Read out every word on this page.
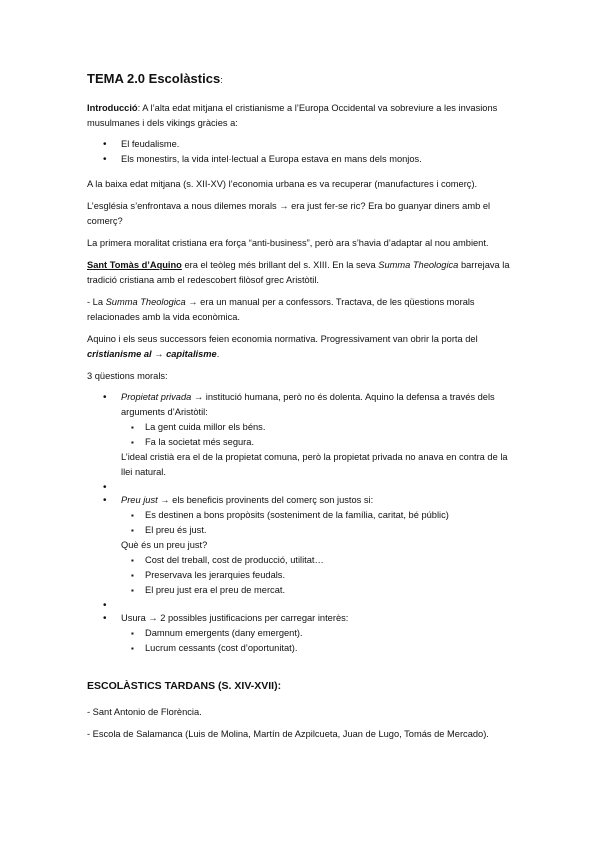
TEMA 2.0 Escolàstics:

Introducció: A l’alta edat mitjana el cristianisme a l’Europa Occidental va sobreviure a les invasions musulmanes i dels vikings gràcies a:

• El feudalisme.
• Els monestirs, la vida intel·lectual a Europa estava en mans dels monjos.

A la baixa edat mitjana (s. XII-XV) l’economia urbana es va recuperar (manufactures i comerç).

L’església s’enfrontava a nous dilemes morals → era just fer-se ric? Era bo guanyar diners amb el comerç?

La primera moralitat cristiana era força “anti-business”, però ara s’havia d’adaptar al nou ambient.

Sant Tomàs d’Aquino era el teòleg més brillant del s. XIII. En la seva Summa Theologica barrejava la tradició cristiana amb el redescobert filòsof grec Aristòtil.

- La Summa Theologica → era un manual per a confessors. Tractava, de les qüestions morals relacionades amb la vida econòmica.

Aquino i els seus successors feien economia normativa. Progressivament van obrir la porta del cristianisme al → capitalisme.

3 qüestions morals:

• Propietat privada → institució humana, però no és dolenta. Aquino la defensa a través dels arguments d’Aristòtil:
▪ La gent cuida millor els béns.
▪ Fa la societat més segura.
L’ideal cristià era el de la propietat comuna, però la propietat privada no anava en contra de la llei natural.
•
• Preu just → els beneficis provinents del comerç son justos si:
▪ Es destinen a bons propòsits (sosteniment de la família, caritat, bé públic)
▪ El preu és just.
Què és un preu just?
▪ Cost del treball, cost de producció, utilitat…
▪ Preservava les jerarquies feudals.
▪ El preu just era el preu de mercat.
•
• Usura → 2 possibles justificacions per carregar interès:
▪ Damnum emergents (dany emergent).
▪ Lucrum cessants (cost d’oportunitat).
ESCOLÀSTICS TARDANS (S. XIV-XVII):

- Sant Antonio de Florència.

- Escola de Salamanca (Luis de Molina, Martín de Azpilcueta, Juan de Lugo, Tomás de Mercado).
